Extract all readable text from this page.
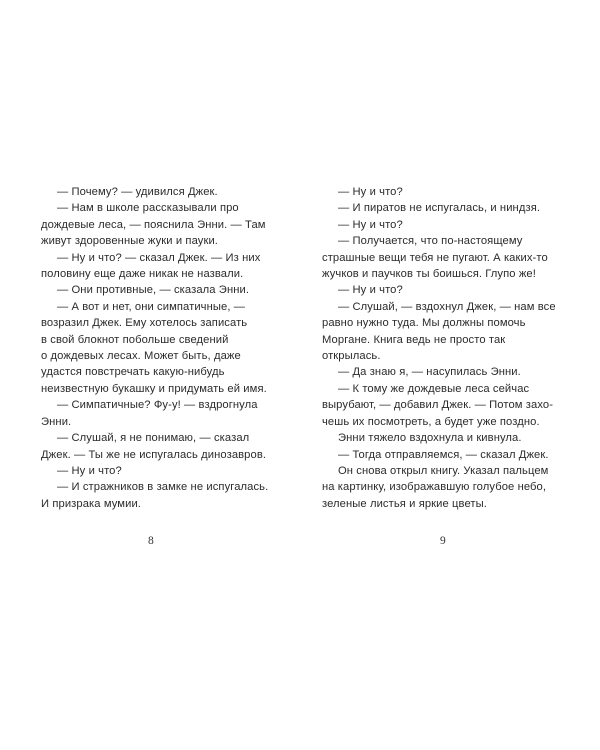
— Почему? — удивился Джек.
— Нам в школе рассказывали про
дождевые леса, — пояснила Энни. — Там
живут здоровенные жуки и пауки.
— Ну и что? — сказал Джек. — Из них
половину еще даже никак не назвали.
— Они противные, — сказала Энни.
— А вот и нет, они симпатичные, —
возразил Джек. Ему хотелось записать
в свой блокнот побольше сведений
о дождевых лесах. Может быть, даже
удастся повстречать какую-нибудь
неизвестную букашку и придумать ей имя.
— Симпатичные? Фу-у! — вздрогнула
Энни.
— Слушай, я не понимаю, — сказал
Джек. — Ты же не испугалась динозавров.
— Ну и что?
— И стражников в замке не испугалась.
И призрака мумии.
8
— Ну и что?
— И пиратов не испугалась, и ниндзя.
— Ну и что?
— Получается, что по-настоящему
страшные вещи тебя не пугают. А каких-то
жучков и паучков ты боишься. Глупо же!
— Ну и что?
— Слушай, — вздохнул Джек, — нам все
равно нужно туда. Мы должны помочь
Моргане. Книга ведь не просто так
открылась.
— Да знаю я, — насупилась Энни.
— К тому же дождевые леса сейчас
вырубают, — добавил Джек. — Потом захо-
чешь их посмотреть, а будет уже поздно.
Энни тяжело вздохнула и кивнула.
— Тогда отправляемся, — сказал Джек.
Он снова открыл книгу. Указал пальцем
на картинку, изображавшую голубое небо,
зеленые листья и яркие цветы.
9
